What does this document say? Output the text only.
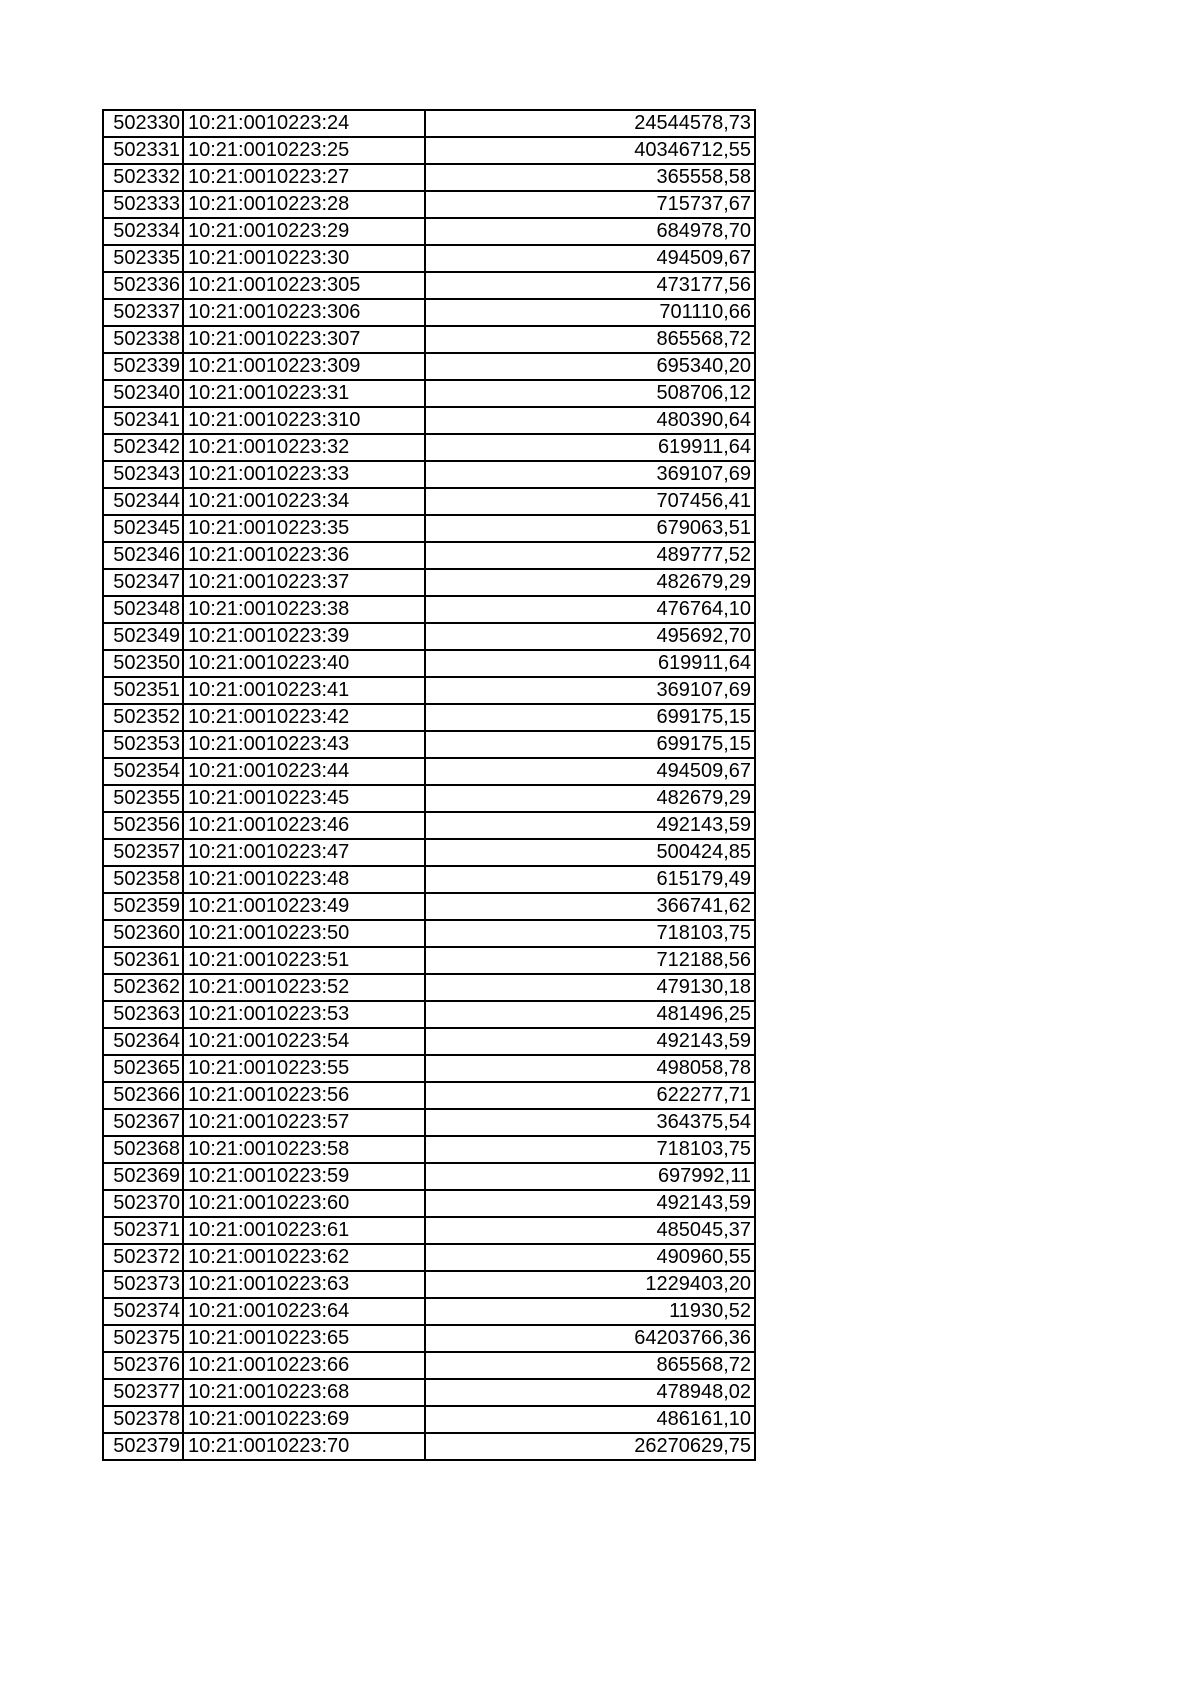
502330	10:21:0010223:24	24544578,73
502331	10:21:0010223:25	40346712,55
502332	10:21:0010223:27	365558,58
502333	10:21:0010223:28	715737,67
502334	10:21:0010223:29	684978,70
502335	10:21:0010223:30	494509,67
502336	10:21:0010223:305	473177,56
502337	10:21:0010223:306	701110,66
502338	10:21:0010223:307	865568,72
502339	10:21:0010223:309	695340,20
502340	10:21:0010223:31	508706,12
502341	10:21:0010223:310	480390,64
502342	10:21:0010223:32	619911,64
502343	10:21:0010223:33	369107,69
502344	10:21:0010223:34	707456,41
502345	10:21:0010223:35	679063,51
502346	10:21:0010223:36	489777,52
502347	10:21:0010223:37	482679,29
502348	10:21:0010223:38	476764,10
502349	10:21:0010223:39	495692,70
502350	10:21:0010223:40	619911,64
502351	10:21:0010223:41	369107,69
502352	10:21:0010223:42	699175,15
502353	10:21:0010223:43	699175,15
502354	10:21:0010223:44	494509,67
502355	10:21:0010223:45	482679,29
502356	10:21:0010223:46	492143,59
502357	10:21:0010223:47	500424,85
502358	10:21:0010223:48	615179,49
502359	10:21:0010223:49	366741,62
502360	10:21:0010223:50	718103,75
502361	10:21:0010223:51	712188,56
502362	10:21:0010223:52	479130,18
502363	10:21:0010223:53	481496,25
502364	10:21:0010223:54	492143,59
502365	10:21:0010223:55	498058,78
502366	10:21:0010223:56	622277,71
502367	10:21:0010223:57	364375,54
502368	10:21:0010223:58	718103,75
502369	10:21:0010223:59	697992,11
502370	10:21:0010223:60	492143,59
502371	10:21:0010223:61	485045,37
502372	10:21:0010223:62	490960,55
502373	10:21:0010223:63	1229403,20
502374	10:21:0010223:64	11930,52
502375	10:21:0010223:65	64203766,36
502376	10:21:0010223:66	865568,72
502377	10:21:0010223:68	478948,02
502378	10:21:0010223:69	486161,10
502379	10:21:0010223:70	26270629,75
